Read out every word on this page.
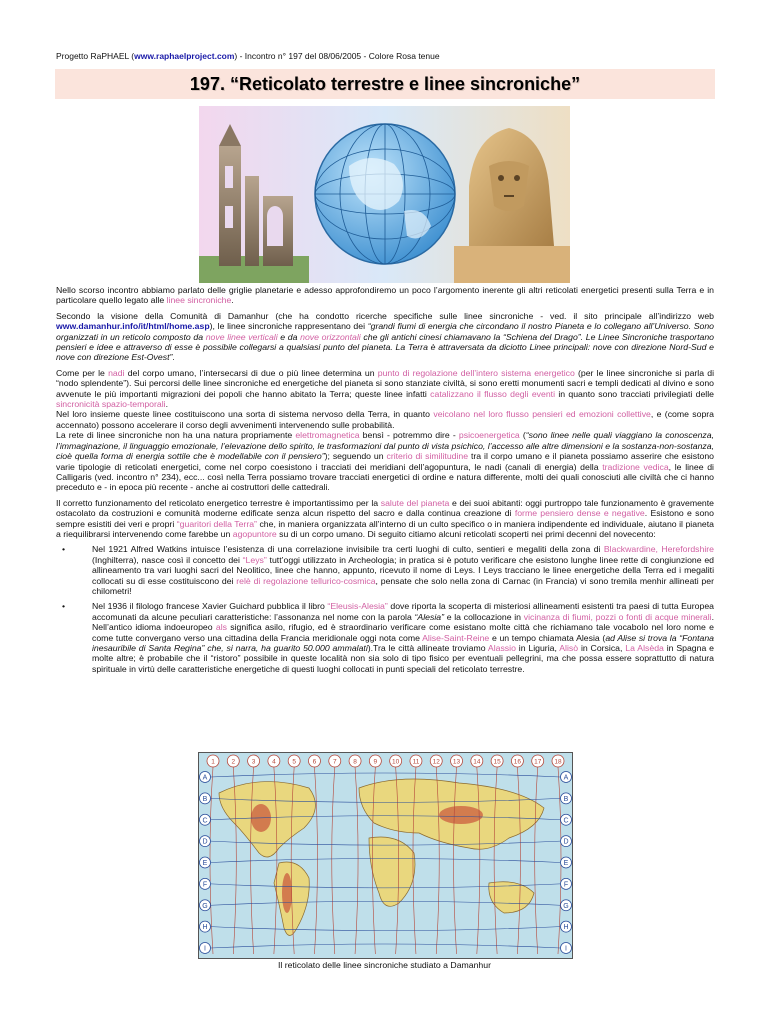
Progetto RaPHAEL (www.raphaelproject.com) - Incontro n° 197 del 08/06/2005 - Colore Rosa tenue
197. “Reticolato terrestre e linee sincroniche”

Nello scorso incontro abbiamo parlato delle griglie planetarie e adesso approfondiremo un poco l’argomento inerente gli altri reticolati energetici presenti sulla Terra e in particolare quello legato alle linee sincroniche.

Secondo la visione della Comunità di Damanhur (che ha condotto ricerche specifiche sulle linee sincroniche - ved. il sito principale all’indirizzo web www.damanhur.info/it/html/home.asp), le linee sincroniche rappresentano dei “grandi fiumi di energia che circondano il nostro Pianeta e lo collegano all’Universo. Sono organizzati in un reticolo composto da nove linee verticali e da nove orizzontali che gli antichi cinesi chiamavano la “Schiena del Drago”. Le Linee Sincroniche trasportano pensieri e idee e attraverso di esse è possibile collegarsi a qualsiasi punto del pianeta. La Terra è attraversata da diciotto Linee principali: nove con direzione Nord-Sud e nove con direzione Est-Ovest”.

Come per le nadi del corpo umano, l’intersecarsi di due o più linee determina un punto di regolazione dell’intero sistema energetico (per le linee sincroniche si parla di “nodo splendente”). Sui percorsi delle linee sincroniche ed energetiche del pianeta si sono stanziate civiltà, si sono eretti monumenti sacri e templi dedicati al divino e sono avvenute le più importanti migrazioni dei popoli che hanno abitato la Terra; queste linee infatti catalizzano il flusso degli eventi in quanto sono tracciati privilegiati delle sincronicità spazio-temporali.
Nel loro insieme queste linee costituiscono una sorta di sistema nervoso della Terra, in quanto veicolano nel loro flusso pensieri ed emozioni collettive, e (come sopra accennato) possono accelerare il corso degli avvenimenti intervenendo sulle probabilità.
La rete di linee sincroniche non ha una natura propriamente elettromagnetica bensì - potremmo dire - psicoenergetica (“sono linee nelle quali viaggiano la conoscenza, l’immaginazione, il linguaggio emozionale, l’elevazione dello spirito, le trasformazioni dal punto di vista psichico, l’accesso alle altre dimensioni e la sostanza-non-sostanza, cioè quella forma di energia sottile che è modellabile con il pensiero”); seguendo un criterio di similitudine tra il corpo umano e il pianeta possiamo asserire che esistono varie tipologie di reticolati energetici, come nel corpo coesistono i tracciati dei meridiani dell’agopuntura, le nadi (canali di energia) della tradizione vedica, le linee di Calligaris (ved. incontro n° 234), ecc... così nella Terra possiamo trovare tracciati energetici di ordine e natura differente, molti dei quali conosciuti alle civiltà che ci hanno preceduto e - in epoca più recente - anche ai costruttori delle cattedrali.

Il corretto funzionamento del reticolato energetico terrestre è importantissimo per la salute del pianeta e dei suoi abitanti: oggi purtroppo tale funzionamento è gravemente ostacolato da costruzioni e comunità moderne edificate senza alcun rispetto del sacro e dalla continua creazione di forme pensiero dense e negative. Esistono e sono sempre esistiti dei veri e propri “guaritori della Terra” che, in maniera organizzata all’interno di un culto specifico o in maniera indipendente ed individuale, aiutano il pianeta a riequilibrarsi intervenendo come farebbe un agopuntore su di un corpo umano. Di seguito citiamo alcuni reticolati scoperti nei primi decenni del novecento:

•	Nel 1921 Alfred Watkins intuisce l’esistenza di una correlazione invisibile tra certi luoghi di culto, sentieri e megaliti della zona di Blackwardine, Herefordshire (Inghilterra), nasce così il concetto dei “Leys” tutt’oggi utilizzato in Archeologia; in pratica si è potuto verificare che esistono lunghe linee rette di congiunzione ed allineamento tra vari luoghi sacri del Neolitico, linee che hanno, appunto, ricevuto il nome di Leys. I Leys tracciano le linee energetiche della Terra ed i megaliti collocati su di esse costituiscono dei relè di regolazione tellurico-cosmica, pensate che solo nella zona di Carnac (in Francia) vi sono tremila menhir allineati per chilometri!
•	Nel 1936 il filologo francese Xavier Guichard pubblica il libro “Eleusis-Alesia” dove riporta la scoperta di misteriosi allineamenti esistenti tra paesi di tutta Europea accomunati da alcune peculiari caratteristiche: l’assonanza nel nome con la parola “Alesia” e la collocazione in vicinanza di fiumi, pozzi o fonti di acque minerali. Nell’antico idioma indoeuropeo als significa asilo, rifugio, ed è straordinario verificare come esistano molte città che richiamano tale vocabolo nel loro nome e come tutte convergano verso una cittadina della Francia meridionale oggi nota come Alise-Saint-Reine e un tempo chiamata Alesia (ad Alise si trova la “Fontana inesauribile di Santa Regina” che, si narra, ha guarito 50.000 ammalati).Tra le città allineate troviamo Alassio in Liguria, Alisò in Corsica, La Alsèda in Spagna e molte altre; è probabile che il “ristoro” possibile in queste località non sia solo di tipo fisico per eventuali pellegrini, ma che possa essere soprattutto di natura spirituale in virtù delle caratteristiche energetiche di questi luoghi collocati in punti speciali del reticolato terrestre.
1	2	3	4	5	6	7	8	9 10 11 12 13 14 15 16 17 18
A	A
B	B
C	C
D	D
E	E
F	F
G	G
H	H
I	I
Il reticolato delle linee sincroniche studiato a Damanhur
